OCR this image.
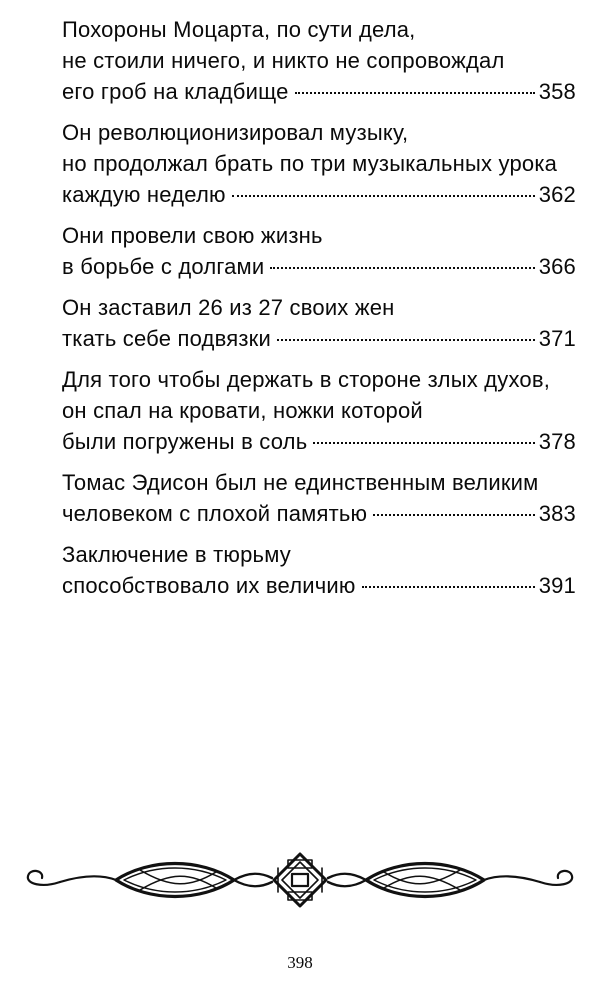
Похороны Моцарта, по сути дела,
не стоили ничего, и никто не сопровождал
его гроб на кладбище	358
Он революционизировал музыку,
но продолжал брать по три музыкальных урока
каждую неделю	362
Они провели свою жизнь
в борьбе с долгами	366
Он заставил 26 из 27 своих жен
ткать себе подвязки	371
Для того чтобы держать в стороне злых духов,
он спал на кровати, ножки которой
были погружены в соль	378
Томас Эдисон был не единственным великим
человеком с плохой памятью	383
Заключение в тюрьму
способствовало их величию	391
398
